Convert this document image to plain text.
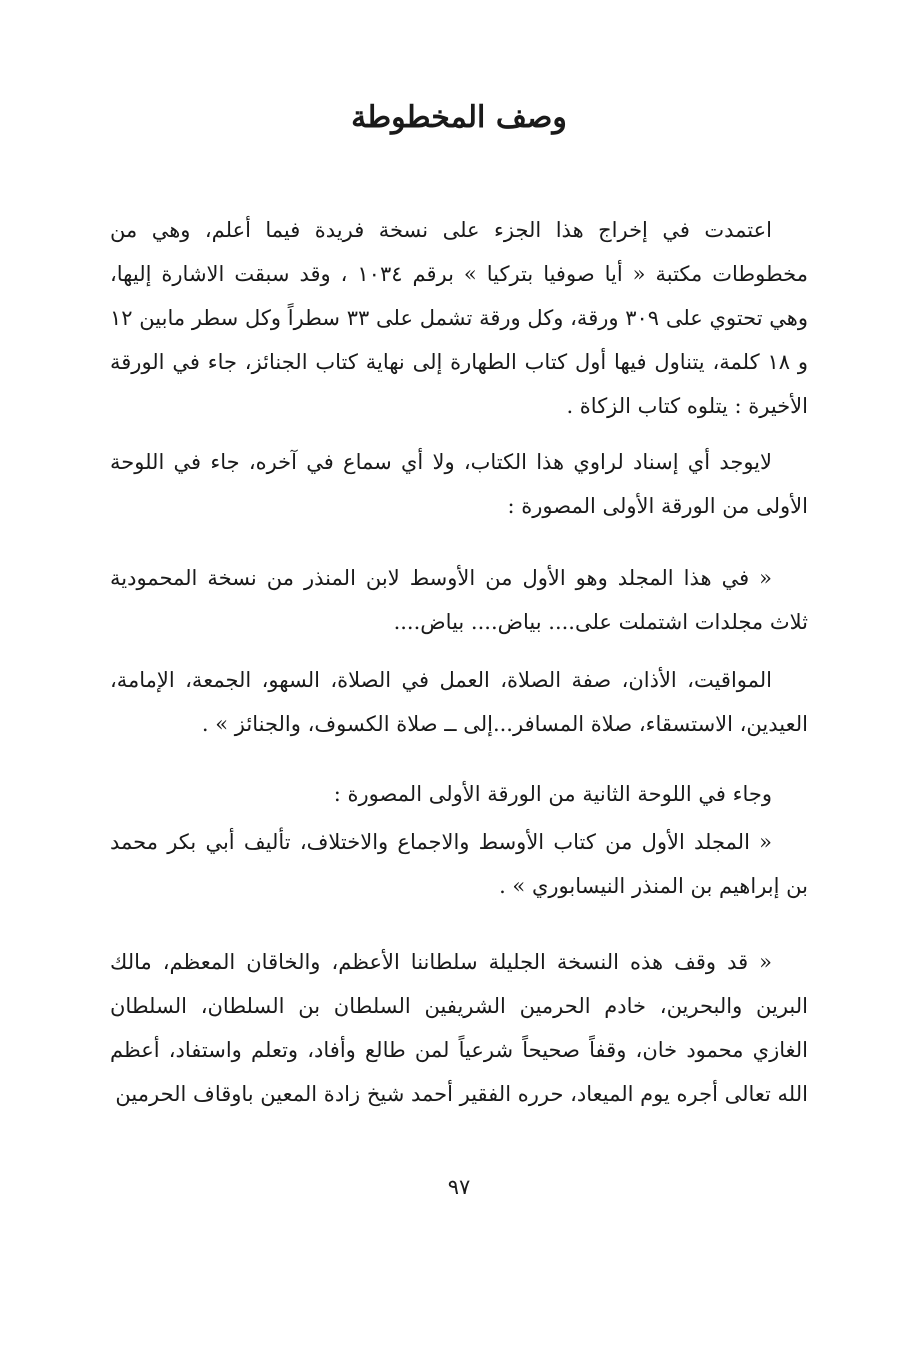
وصف المخطوطة

اعتمدت في إخراج هذا الجزء على نسخة فريدة فيما أعلم، وهي من مخطوطات مكتبة « أيا صوفيا بتركيا » برقم ١٠٣٤ ، وقد سبقت الاشارة إليها، وهي تحتوي على ٣٠٩ ورقة، وكل ورقة تشمل على ٣٣ سطراً وكل سطر مابين ١٢ و ١٨ كلمة، يتناول فيها أول كتاب الطهارة إلى نهاية كتاب الجنائز، جاء في الورقة الأخيرة : يتلوه كتاب الزكاة .

لايوجد أي إسناد لراوي هذا الكتاب، ولا أي سماع في آخره، جاء في اللوحة الأولى من الورقة الأولى المصورة :

« في هذا المجلد وهو الأول من الأوسط لابن المنذر من نسخة المحمودية ثلاث مجلدات اشتملت على.... بياض.... بياض....

المواقيت، الأذان، صفة الصلاة، العمل في الصلاة، السهو، الجمعة، الإمامة، العيدين، الاستسقاء، صلاة المسافر...إلى ــ صلاة الكسوف، والجنائز » .

وجاء في اللوحة الثانية من الورقة الأولى المصورة :

« المجلد الأول من كتاب الأوسط والاجماع والاختلاف، تأليف أبي بكر محمد بن إبراهيم بن المنذر النيسابوري » .

« قد وقف هذه النسخة الجليلة سلطاننا الأعظم، والخاقان المعظم، مالك البرين والبحرين، خادم الحرمين الشريفين السلطان بن السلطان، السلطان الغازي محمود خان، وقفاً صحيحاً شرعياً لمن طالع وأفاد، وتعلم واستفاد، أعظم الله تعالى أجره يوم الميعاد، حرره الفقير أحمد شيخ زادة المعين باوقاف الحرمين

٩٧
